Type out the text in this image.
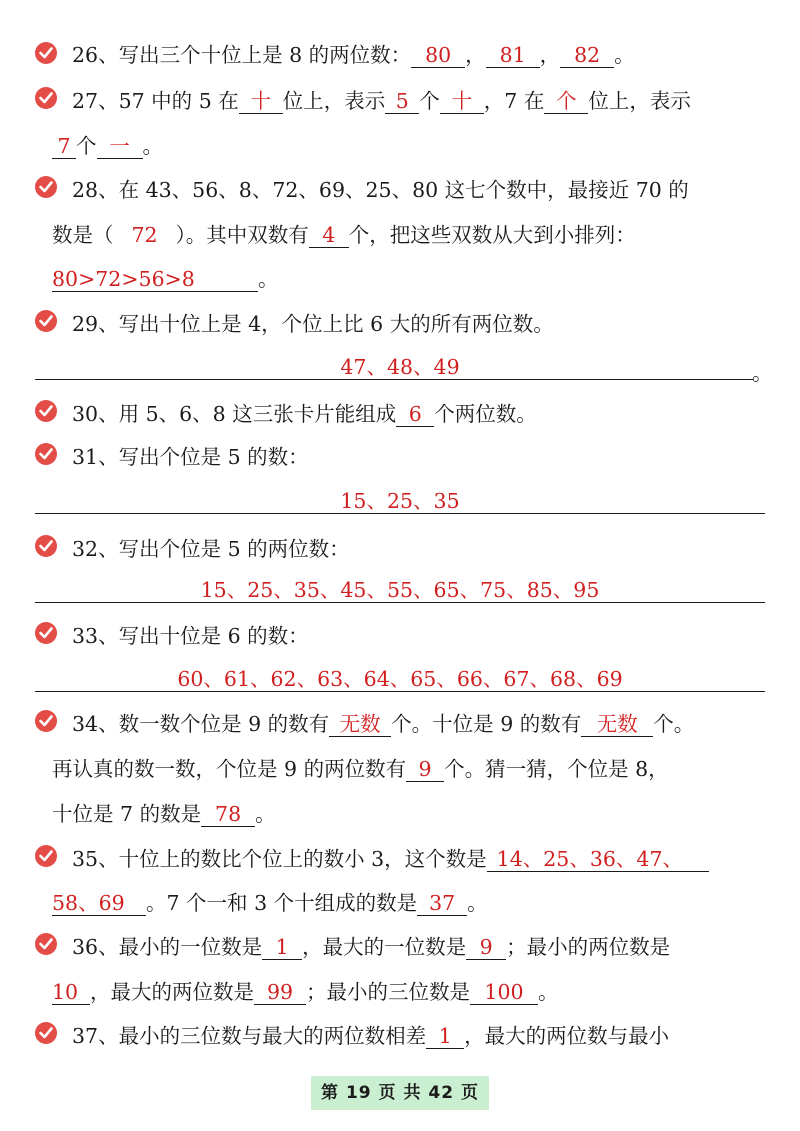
26、写出三个十位上是 8 的两位数： 80 ， 81 ， 82 。
27、57 中的 5 在 十 位上，表示 5 个 十 ，7 在 个 位上，表示
7 个 一 。
28、在 43、56、8、72、69、25、80 这七个数中，最接近 70 的
数是（ 72 ）。其中双数有 4 个，把这些双数从大到小排列：
80>72>56>8	。
29、写出十位上是 4，个位上比 6 大的所有两位数。
47、48、49	。
30、用 5、6、8 这三张卡片能组成 6 个两位数。
31、写出个位是 5 的数：
15、25、35
32、写出个位是 5 的两位数：
15、25、35、45、55、65、75、85、95
33、写出十位是 6 的数：
60、61、62、63、64、65、66、67、68、69
34、数一数个位是 9 的数有 无数 个。十位是 9 的数有 无数 个。
再认真的数一数，个位是 9 的两位数有 9 个。猜一猜，个位是 8，
十位是 7 的数是 78 。
35、十位上的数比个位上的数小 3，这个数是 14、25、36、47、
58、69 。7 个一和 3 个十组成的数是 37 。
36、最小的一位数是 1 ，最大的一位数是 9 ；最小的两位数是
10 ，最大的两位数是 99 ；最小的三位数是 100 。
37、最小的三位数与最大的两位数相差 1 ，最大的两位数与最小
第 19 页 共 42 页
